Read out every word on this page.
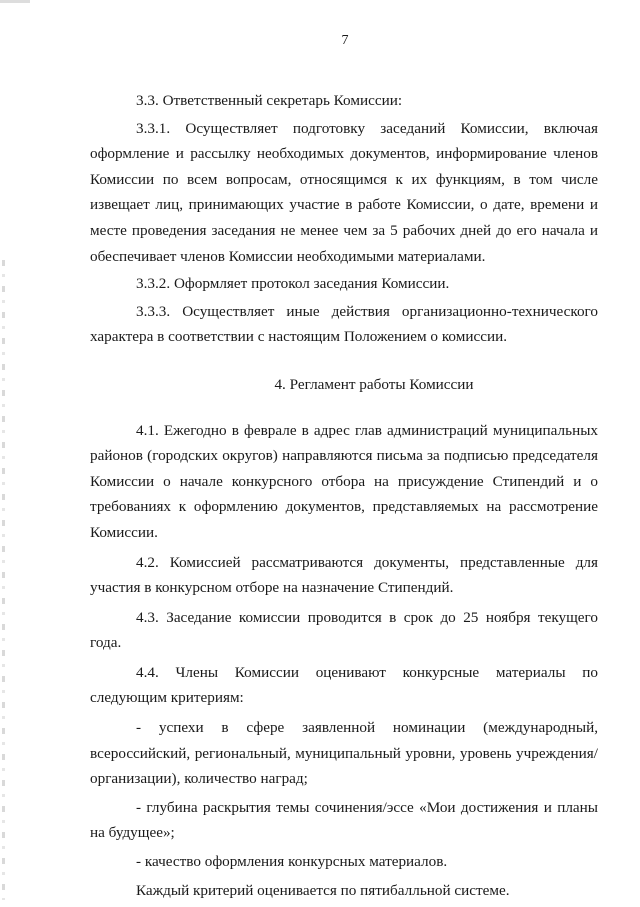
7

3.3. Ответственный секретарь Комиссии:

3.3.1. Осуществляет подготовку заседаний Комиссии, включая оформление и рассылку необходимых документов, информирование членов Комиссии по всем вопросам, относящимся к их функциям, в том числе извещает лиц, принимающих участие в работе Комиссии, о дате, времени и месте проведения заседания не менее чем за 5 рабочих дней до его начала и обеспечивает членов Комиссии необходимыми материалами.

3.3.2. Оформляет протокол заседания Комиссии.

3.3.3. Осуществляет иные действия организационно-технического характера в соответствии с настоящим Положением о комиссии.

4. Регламент работы Комиссии

4.1. Ежегодно в феврале в адрес глав администраций муниципальных районов (городских округов) направляются письма за подписью председателя Комиссии о начале конкурсного отбора на присуждение Стипендий и о требованиях к оформлению документов, представляемых на рассмотрение Комиссии.

4.2. Комиссией рассматриваются документы, представленные для участия в конкурсном отборе на назначение Стипендий.

4.3. Заседание комиссии проводится в срок до 25 ноября текущего года.

4.4. Члены Комиссии оценивают конкурсные материалы по следующим критериям:

- успехи в сфере заявленной номинации (международный, всероссийский, региональный, муниципальный уровни, уровень учреждения/организации), количество наград;

- глубина раскрытия темы сочинения/эссе «Мои достижения и планы на будущее»;

- качество оформления конкурсных материалов.

Каждый критерий оценивается по пятибалльной системе.
